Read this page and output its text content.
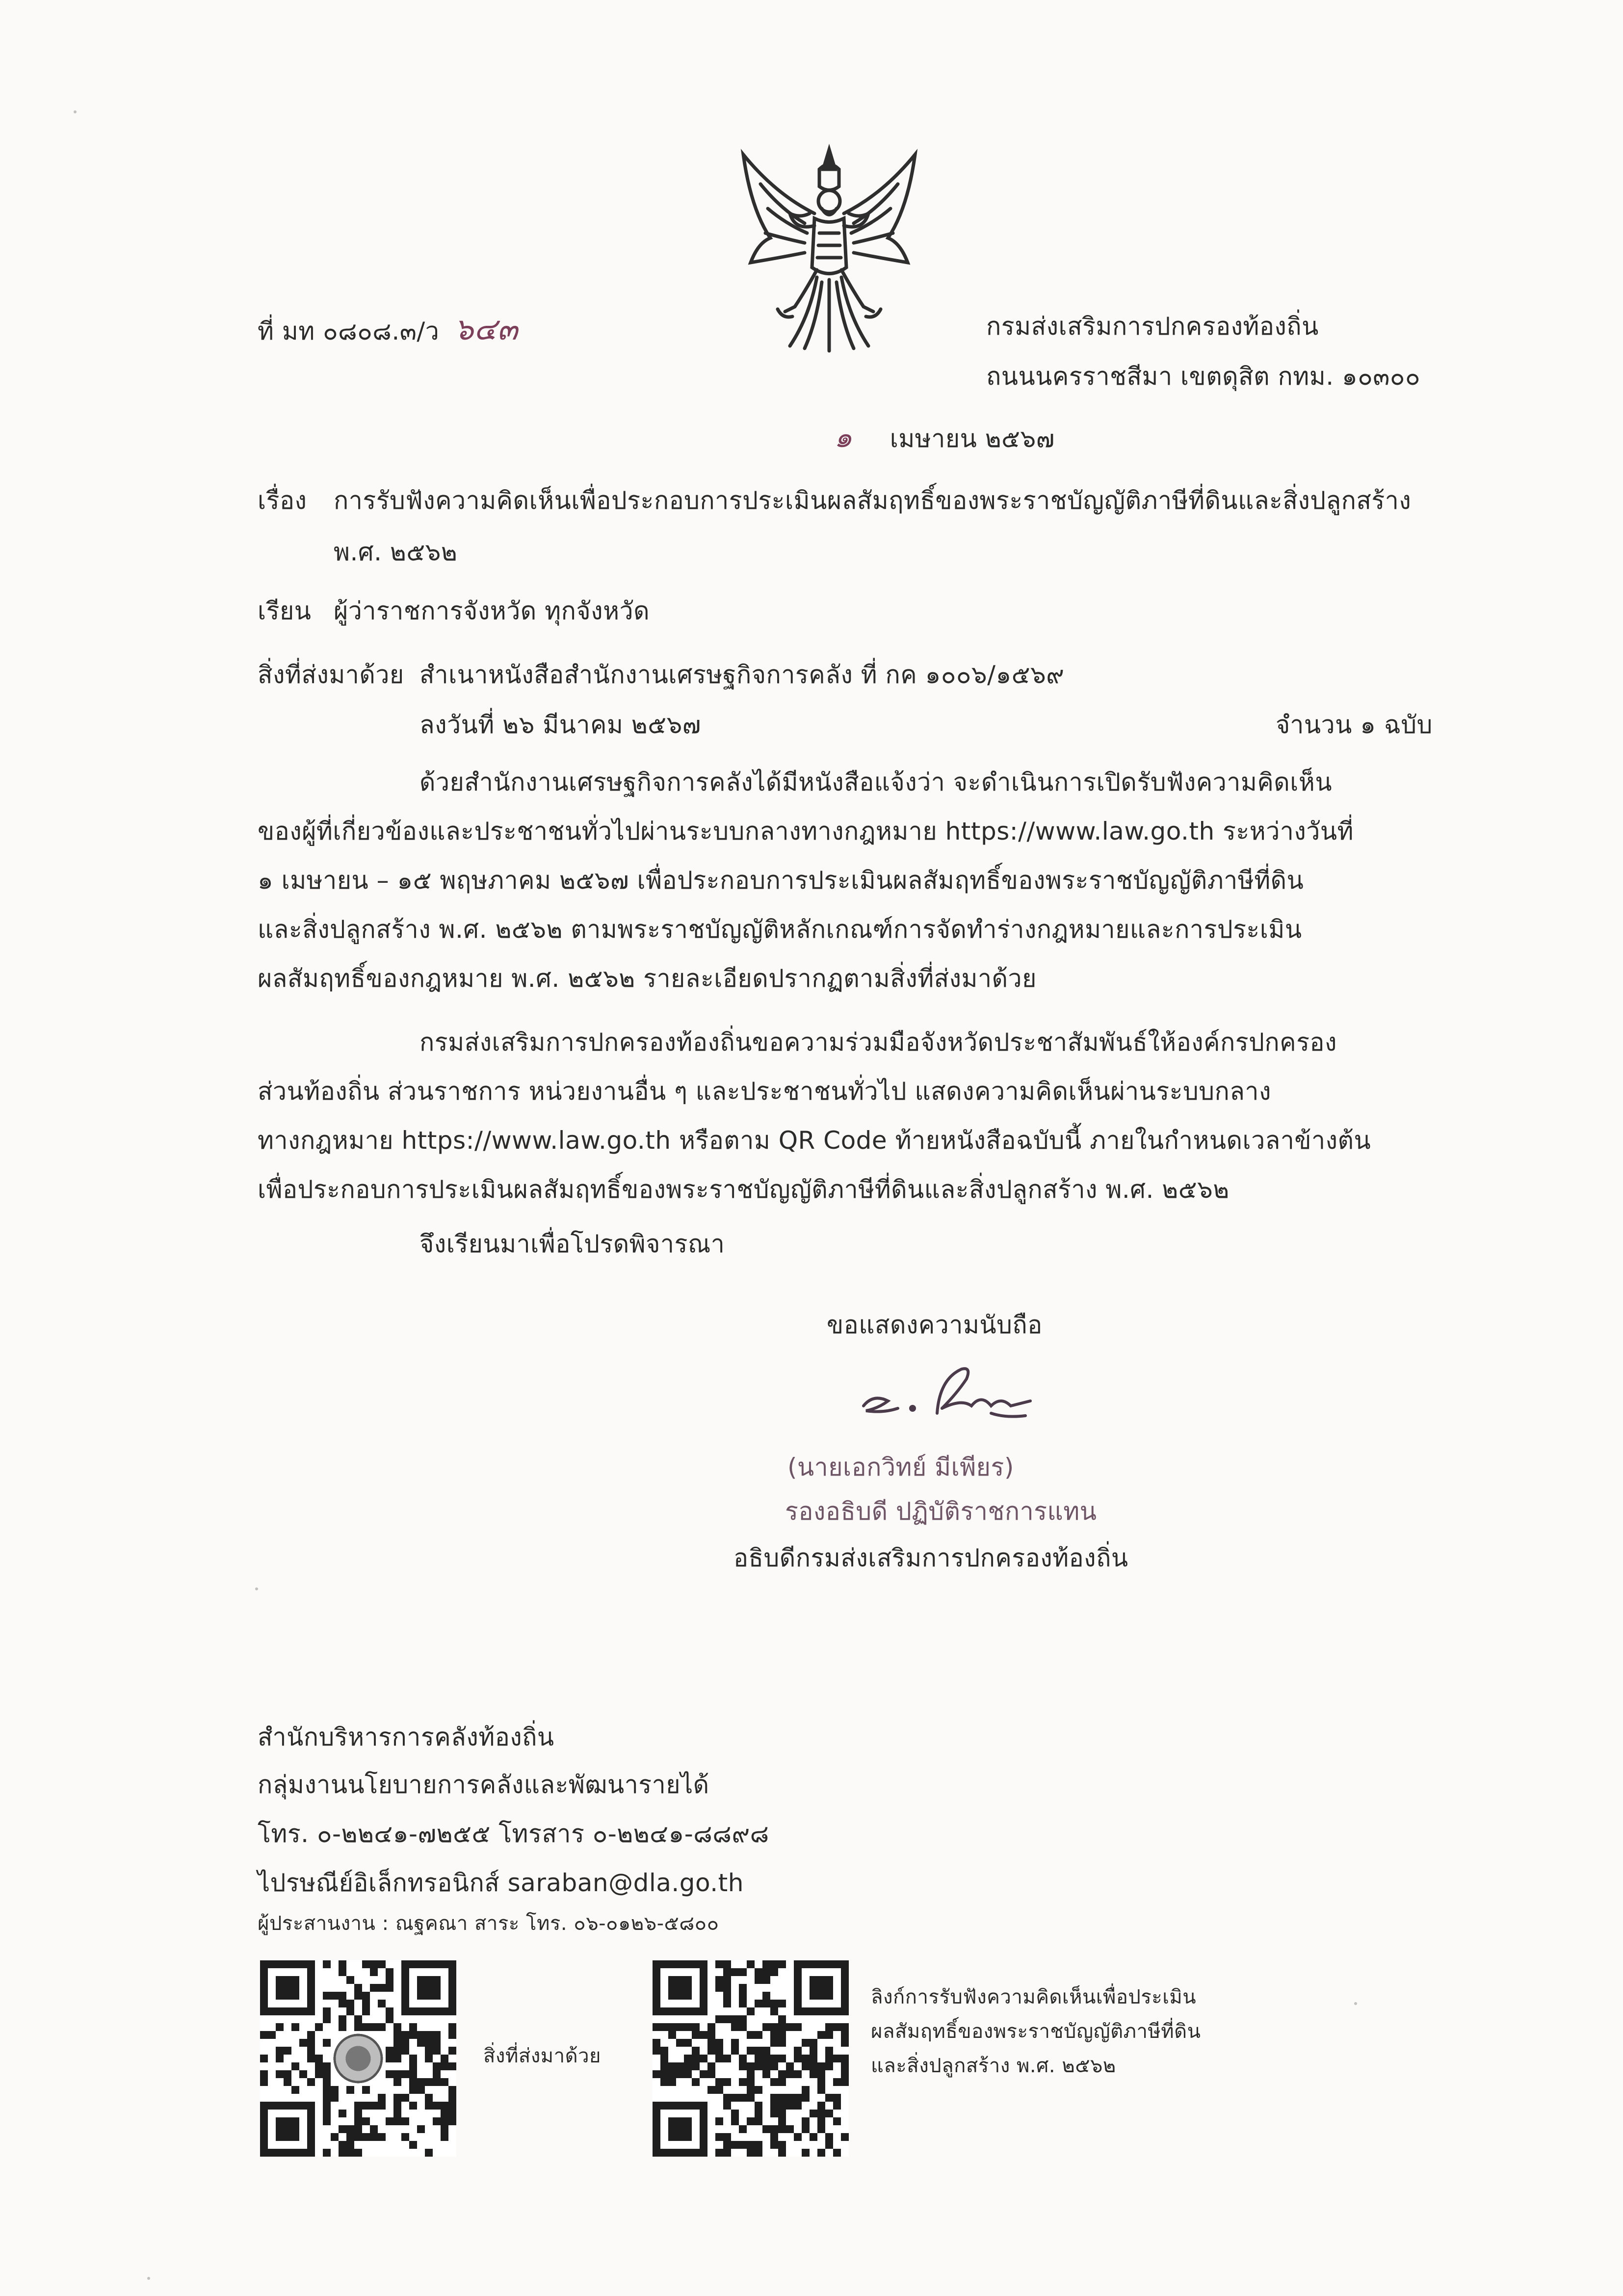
ที่ มท ๐๘๐๘.๓/ว ๖๔๓	กรมส่งเสริมการปกครองท้องถิ่น
ถนนนครราชสีมา เขตดุสิต กทม. ๑๐๓๐๐
๑ เมษายน ๒๕๖๗
เรื่อง การรับฟังความคิดเห็นเพื่อประกอบการประเมินผลสัมฤทธิ์ของพระราชบัญญัติภาษีที่ดินและสิ่งปลูกสร้าง
พ.ศ. ๒๕๖๒
เรียน ผู้ว่าราชการจังหวัด ทุกจังหวัด
สิ่งที่ส่งมาด้วย สำเนาหนังสือสำนักงานเศรษฐกิจการคลัง ที่ กค ๑๐๐๖/๑๕๖๙
ลงวันที่ ๒๖ มีนาคม ๒๕๖๗	จำนวน ๑ ฉบับ
ด้วยสำนักงานเศรษฐกิจการคลังได้มีหนังสือแจ้งว่า จะดำเนินการเปิดรับฟังความคิดเห็น
ของผู้ที่เกี่ยวข้องและประชาชนทั่วไปผ่านระบบกลางทางกฎหมาย https://www.law.go.th ระหว่างวันที่
๑ เมษายน – ๑๕ พฤษภาคม ๒๕๖๗ เพื่อประกอบการประเมินผลสัมฤทธิ์ของพระราชบัญญัติภาษีที่ดิน
และสิ่งปลูกสร้าง พ.ศ. ๒๕๖๒ ตามพระราชบัญญัติหลักเกณฑ์การจัดทำร่างกฎหมายและการประเมิน
ผลสัมฤทธิ์ของกฎหมาย พ.ศ. ๒๕๖๒ รายละเอียดปรากฏตามสิ่งที่ส่งมาด้วย
กรมส่งเสริมการปกครองท้องถิ่นขอความร่วมมือจังหวัดประชาสัมพันธ์ให้องค์กรปกครอง
ส่วนท้องถิ่น ส่วนราชการ หน่วยงานอื่น ๆ และประชาชนทั่วไป แสดงความคิดเห็นผ่านระบบกลาง
ทางกฎหมาย https://www.law.go.th หรือตาม QR Code ท้ายหนังสือฉบับนี้ ภายในกำหนดเวลาข้างต้น
เพื่อประกอบการประเมินผลสัมฤทธิ์ของพระราชบัญญัติภาษีที่ดินและสิ่งปลูกสร้าง พ.ศ. ๒๕๖๒
จึงเรียนมาเพื่อโปรดพิจารณา
ขอแสดงความนับถือ
(นายเอกวิทย์ มีเพียร)
รองอธิบดี ปฏิบัติราชการแทน
อธิบดีกรมส่งเสริมการปกครองท้องถิ่น
สำนักบริหารการคลังท้องถิ่น
กลุ่มงานนโยบายการคลังและพัฒนารายได้
โทร. ๐-๒๒๔๑-๗๒๕๕ โทรสาร ๐-๒๒๔๑-๘๘๙๘
ไปรษณีย์อิเล็กทรอนิกส์ saraban@dla.go.th
ผู้ประสานงาน : ณฐคณา สาระ โทร. ๐๖-๐๑๒๖-๕๘๐๐
สิ่งที่ส่งมาด้วย
ลิงก์การรับฟังความคิดเห็นเพื่อประเมิน
ผลสัมฤทธิ์ของพระราชบัญญัติภาษีที่ดิน
และสิ่งปลูกสร้าง พ.ศ. ๒๕๖๒
